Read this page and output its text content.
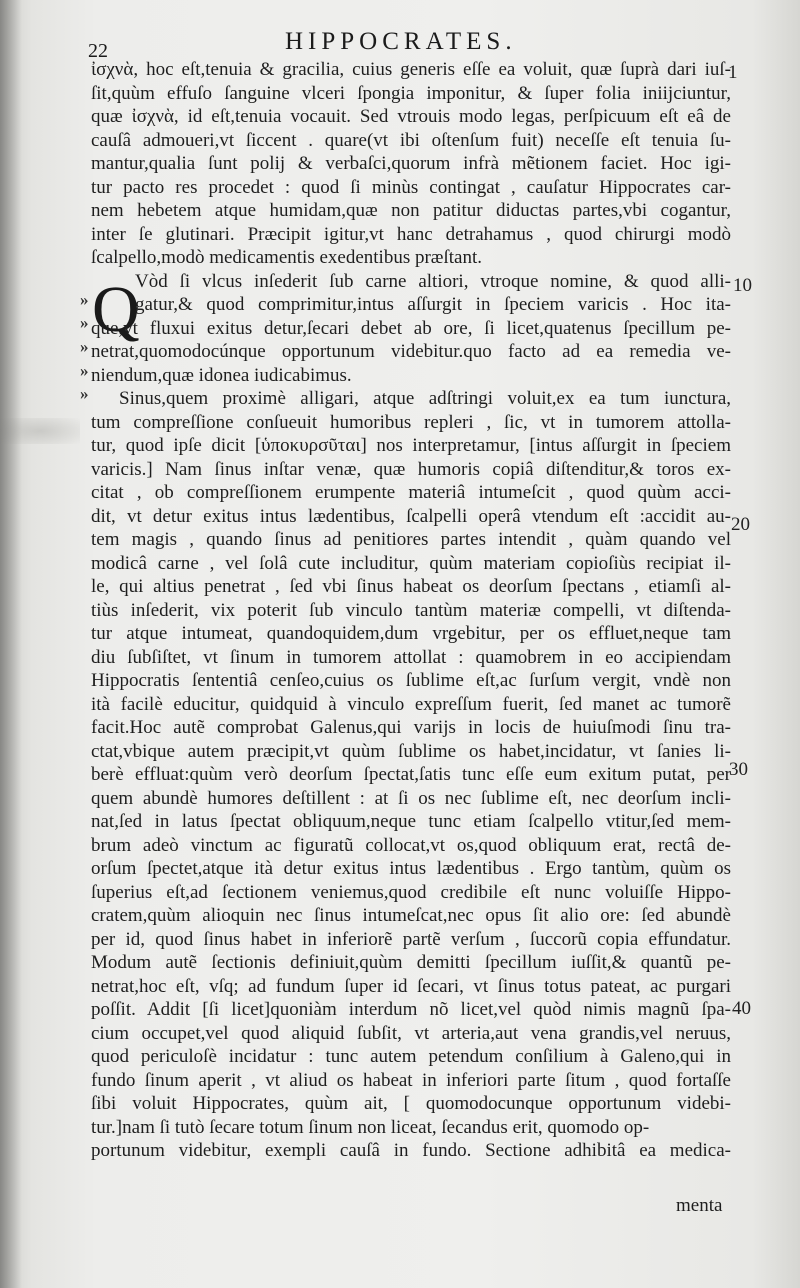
22	HIPPOCRATES.
Q
ἰσχνὰ, hoc eſt,tenuia & gracilia, cuius generis eſſe ea voluit, quæ ſuprà dari iuſ-
ſit,quùm effuſo ſanguine vlceri ſpongia imponitur, & ſuper folia iniijciuntur,
quæ ἰσχνὰ, id eſt,tenuia vocauit. Sed vtrouis modo legas, perſpicuum eſt eâ de
cauſâ admoueri,vt ſiccent . quare(vt ibi oſtenſum fuit) neceſſe eſt tenuia ſu-
mantur,qualia ſunt polij & verbaſci,quorum infrà mẽtionem faciet. Hoc igi-
tur pacto res procedet : quod ſi minùs contingat , cauſatur Hippocrates car-
nem hebetem atque humidam,quæ non patitur diductas partes,vbi cogantur,
inter ſe glutinari. Præcipit igitur,vt hanc detrahamus , quod chirurgi modò
ſcalpello,modò medicamentis exedentibus præſtant.
Vòd ſi vlcus inſederit ſub carne altiori, vtroque nomine, & quod alli-
gatur,& quod comprimitur,intus aſſurgit in ſpeciem varicis . Hoc ita-
que,vt fluxui exitus detur,ſecari debet ab ore, ſi licet,quatenus ſpecillum pe-
netrat,quomodocúnque opportunum videbitur.quo facto ad ea remedia ve-
niendum,quæ idonea iudicabimus.
Sinus,quem proximè alligari, atque adſtringi voluit,ex ea tum iunctura,
tum compreſſione conſueuit humoribus repleri , ſic, vt in tumorem attolla-
tur, quod ipſe dicit [ὑποκυρσῦται] nos interpretamur, [intus aſſurgit in ſpeciem
varicis.] Nam ſinus inſtar venæ, quæ humoris copiâ diſtenditur,& toros ex-
citat , ob compreſſionem erumpente materiâ intumeſcit , quod quùm acci-
dit, vt detur exitus intus lædentibus, ſcalpelli operâ vtendum eſt :accidit au-
tem magis , quando ſinus ad penitiores partes intendit , quàm quando vel
modicâ carne , vel ſolâ cute includitur, quùm materiam copioſiùs recipiat il-
le, qui altius penetrat , ſed vbi ſinus habeat os deorſum ſpectans , etiamſi al-
tiùs inſederit, vix poterit ſub vinculo tantùm materiæ compelli, vt diſtenda-
tur atque intumeat, quandoquidem,dum vrgebitur, per os effluet,neque tam
diu ſubſiſtet, vt ſinum in tumorem attollat : quamobrem in eo accipiendam
Hippocratis ſententiâ cenſeo,cuius os ſublime eſt,ac ſurſum vergit, vndè non
ità facilè educitur, quidquid à vinculo expreſſum fuerit, ſed manet ac tumorẽ
facit.Hoc autẽ comprobat Galenus,qui varijs in locis de huiuſmodi ſinu tra-
ctat,vbique autem præcipit,vt quùm ſublime os habet,incidatur, vt ſanies li-
berè effluat:quùm verò deorſum ſpectat,ſatis tunc eſſe eum exitum putat, per
quem abundè humores deſtillent : at ſi os nec ſublime eſt, nec deorſum incli-
nat,ſed in latus ſpectat obliquum,neque tunc etiam ſcalpello vtitur,ſed mem-
brum adeò vinctum ac figuratũ collocat,vt os,quod obliquum erat, rectâ de-
orſum ſpectet,atque ità detur exitus intus lædentibus . Ergo tantùm, quùm os
ſuperius eſt,ad ſectionem veniemus,quod credibile eſt nunc voluiſſe Hippo-
cratem,quùm alioquin nec ſinus intumeſcat,nec opus ſit alio ore: ſed abundè
per id, quod ſinus habet in inferiorẽ partẽ verſum , ſuccorũ copia effundatur.
Modum autẽ ſectionis definiuit,quùm demitti ſpecillum iuſſit,& quantũ pe-
netrat,hoc eſt, vſq; ad fundum ſuper id ſecari, vt ſinus totus pateat, ac purgari
poſſit. Addit [ſi licet]quoniàm interdum nõ licet,vel quòd nimis magnũ ſpa-
cium occupet,vel quod aliquid ſubſit, vt arteria,aut vena grandis,vel neruus,
quod periculoſè incidatur : tunc autem petendum conſilium à Galeno,qui in
fundo ſinum aperit , vt aliud os habeat in inferiori parte ſitum , quod fortaſſe
ſibi voluit Hippocrates, quùm ait, [ quomodocunque opportunum videbi-
tur.]nam ſi tutò ſecare totum ſinum non liceat, ſecandus erit, quomodo op-
portunum videbitur, exempli cauſâ in fundo. Sectione adhibitâ ea medica-
1
10
20
30
40
»
»
»
»
»
menta
